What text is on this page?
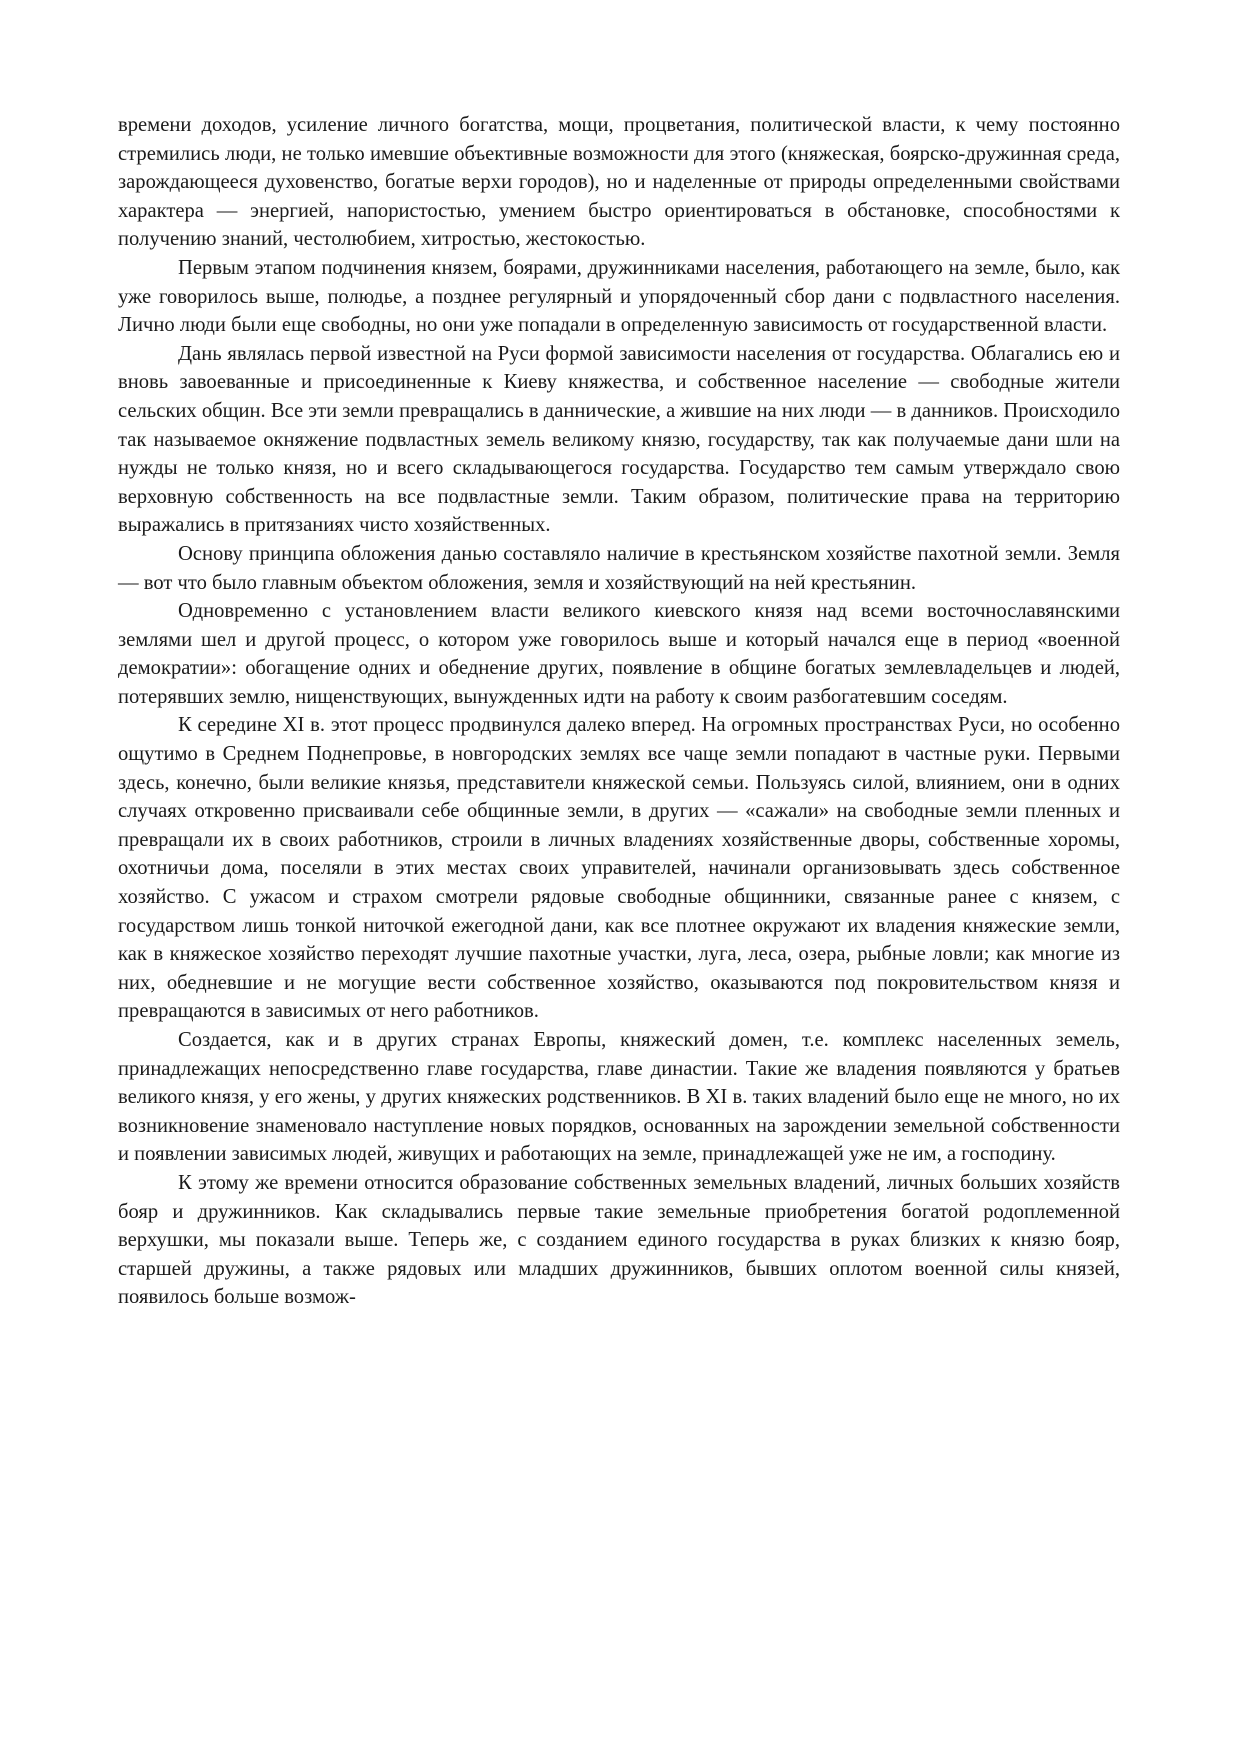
времени доходов, усиление личного богатства, мощи, процветания, политической власти, к чему постоянно стремились люди, не только имевшие объективные возможности для этого (княжеская, боярско-дружинная среда, зарождающееся духовенство, богатые верхи городов), но и наделенные от природы определенными свойствами характера — энергией, напористостью, умением быстро ориентироваться в обстановке, способностями к получению знаний, честолюбием, хитростью, жестокостью.

Первым этапом подчинения князем, боярами, дружинниками населения, работающего на земле, было, как уже говорилось выше, полюдье, а позднее регулярный и упорядоченный сбор дани с подвластного населения. Лично люди были еще свободны, но они уже попадали в определенную зависимость от государственной власти.

Дань являлась первой известной на Руси формой зависимости населения от государства. Облагались ею и вновь завоеванные и присоединенные к Киеву княжества, и собственное население — свободные жители сельских общин. Все эти земли превращались в даннические, а жившие на них люди — в данников. Происходило так называемое окняжение подвластных земель великому князю, государству, так как получаемые дани шли на нужды не только князя, но и всего складывающегося государства. Государство тем самым утверждало свою верховную собственность на все подвластные земли. Таким образом, политические права на территорию выражались в притязаниях чисто хозяйственных.

Основу принципа обложения данью составляло наличие в крестьянском хозяйстве пахотной земли. Земля — вот что было главным объектом обложения, земля и хозяйствующий на ней крестьянин.

Одновременно с установлением власти великого киевского князя над всеми восточнославянскими землями шел и другой процесс, о котором уже говорилось выше и который начался еще в период «военной демократии»: обогащение одних и обеднение других, появление в общине богатых землевладельцев и людей, потерявших землю, нищенствующих, вынужденных идти на работу к своим разбогатевшим соседям.

К середине XI в. этот процесс продвинулся далеко вперед. На огромных пространствах Руси, но особенно ощутимо в Среднем Поднепровье, в новгородских землях все чаще земли попадают в частные руки. Первыми здесь, конечно, были великие князья, представители княжеской семьи. Пользуясь силой, влиянием, они в одних случаях откровенно присваивали себе общинные земли, в других — «сажали» на свободные земли пленных и превращали их в своих работников, строили в личных владениях хозяйственные дворы, собственные хоромы, охотничьи дома, поселяли в этих местах своих управителей, начинали организовывать здесь собственное хозяйство. С ужасом и страхом смотрели рядовые свободные общинники, связанные ранее с князем, с государством лишь тонкой ниточкой ежегодной дани, как все плотнее окружают их владения княжеские земли, как в княжеское хозяйство переходят лучшие пахотные участки, луга, леса, озера, рыбные ловли; как многие из них, обедневшие и не могущие вести собственное хозяйство, оказываются под покровительством князя и превращаются в зависимых от него работников.

Создается, как и в других странах Европы, княжеский домен, т.е. комплекс населенных земель, принадлежащих непосредственно главе государства, главе династии. Такие же владения появляются у братьев великого князя, у его жены, у других княжеских родственников. В XI в. таких владений было еще не много, но их возникновение знаменовало наступление новых порядков, основанных на зарождении земельной собственности и появлении зависимых людей, живущих и работающих на земле, принадлежащей уже не им, а господину.

К этому же времени относится образование собственных земельных владений, личных больших хозяйств бояр и дружинников. Как складывались первые такие земельные приобретения богатой родоплеменной верхушки, мы показали выше. Теперь же, с созданием единого государства в руках близких к князю бояр, старшей дружины, а также рядовых или младших дружинников, бывших оплотом военной силы князей, появилось больше возмож-
